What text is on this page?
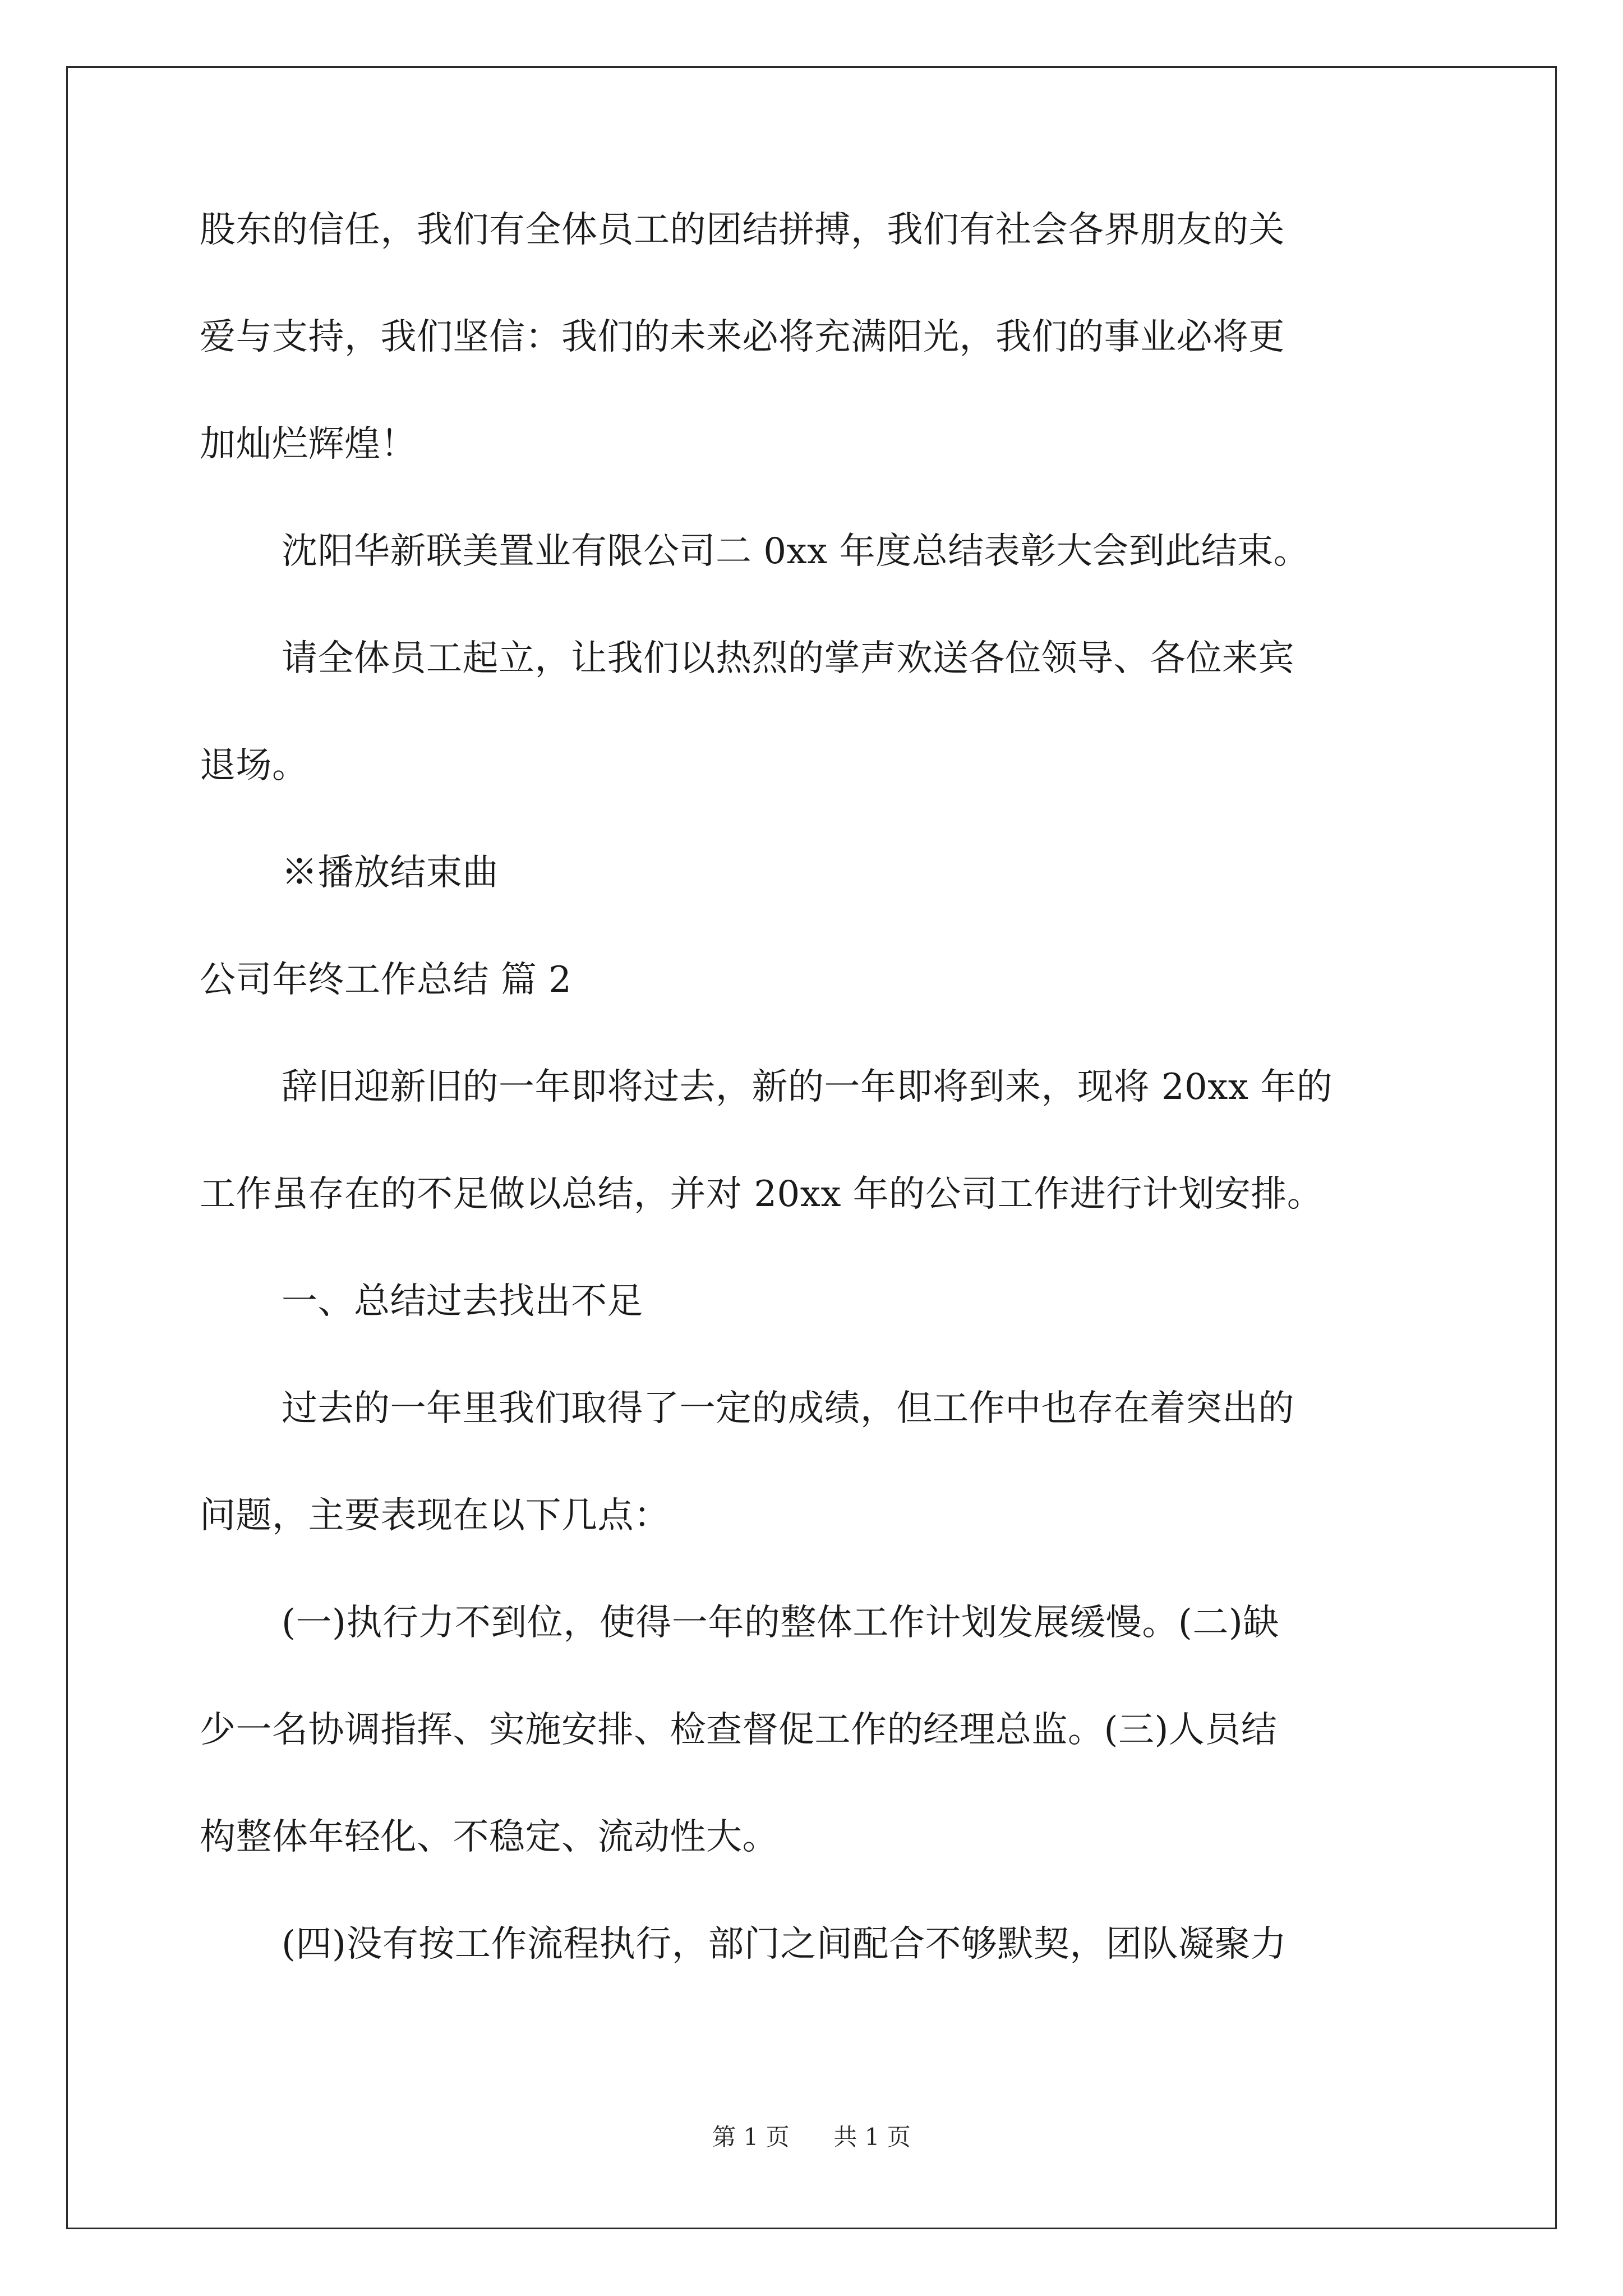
股东的信任，我们有全体员工的团结拼搏，我们有社会各界朋友的关
爱与支持，我们坚信：我们的未来必将充满阳光，我们的事业必将更
加灿烂辉煌！
沈阳华新联美置业有限公司二 0xx 年度总结表彰大会到此结束。
请全体员工起立，让我们以热烈的掌声欢送各位领导、各位来宾
退场。
※播放结束曲
公司年终工作总结 篇 2
辞旧迎新旧的一年即将过去，新的一年即将到来，现将 20xx 年的
工作虽存在的不足做以总结，并对 20xx 年的公司工作进行计划安排。
一、总结过去找出不足
过去的一年里我们取得了一定的成绩，但工作中也存在着突出的
问题，主要表现在以下几点：
(一)执行力不到位，使得一年的整体工作计划发展缓慢。(二)缺
少一名协调指挥、实施安排、检查督促工作的经理总监。(三)人员结
构整体年轻化、不稳定、流动性大。
(四)没有按工作流程执行，部门之间配合不够默契，团队凝聚力
第 1 页 共 1 页
